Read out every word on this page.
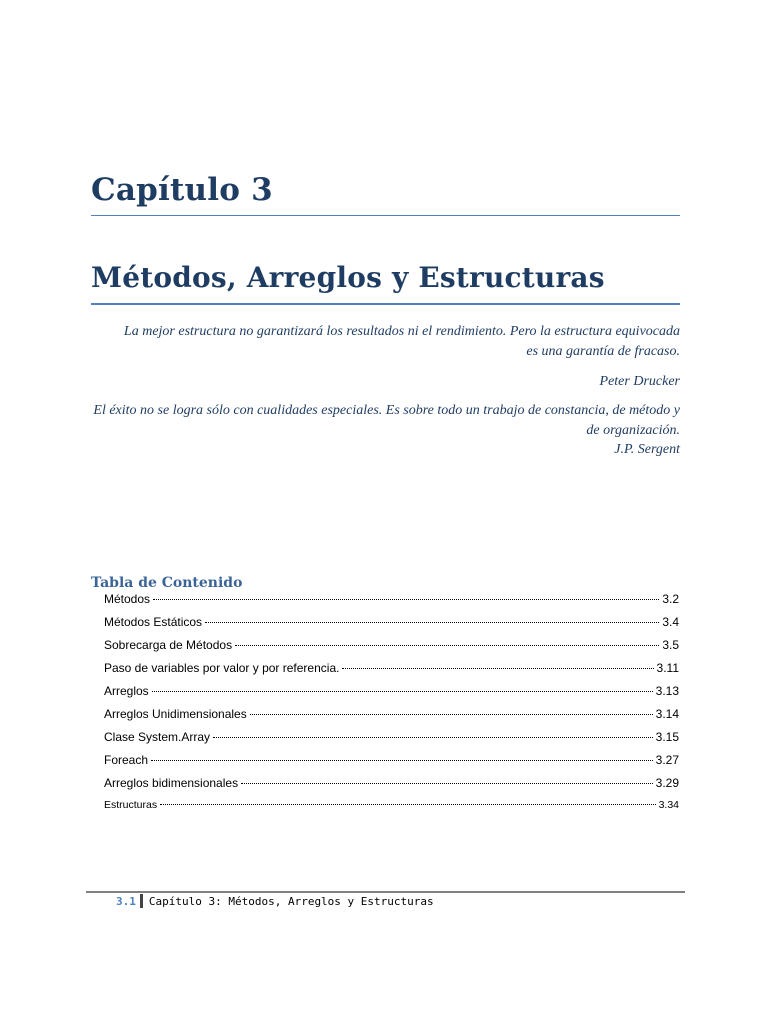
Capítulo 3
Métodos, Arreglos y Estructuras
La mejor estructura no garantizará los resultados ni el rendimiento. Pero la estructura equivocada es una garantía de fracaso.
Peter Drucker
El éxito no se logra sólo con cualidades especiales. Es sobre todo un trabajo de constancia, de método y de organización.
J.P. Sergent
Tabla de Contenido
Métodos	3.2
Métodos Estáticos	3.4
Sobrecarga de Métodos	3.5
Paso de variables por valor y por referencia.	3.11
Arreglos	3.13
Arreglos Unidimensionales	3.14
Clase System.Array	3.15
Foreach	3.27
Arreglos bidimensionales	3.29
Estructuras	3.34
3.1	Capítulo 3: Métodos, Arreglos y Estructuras
